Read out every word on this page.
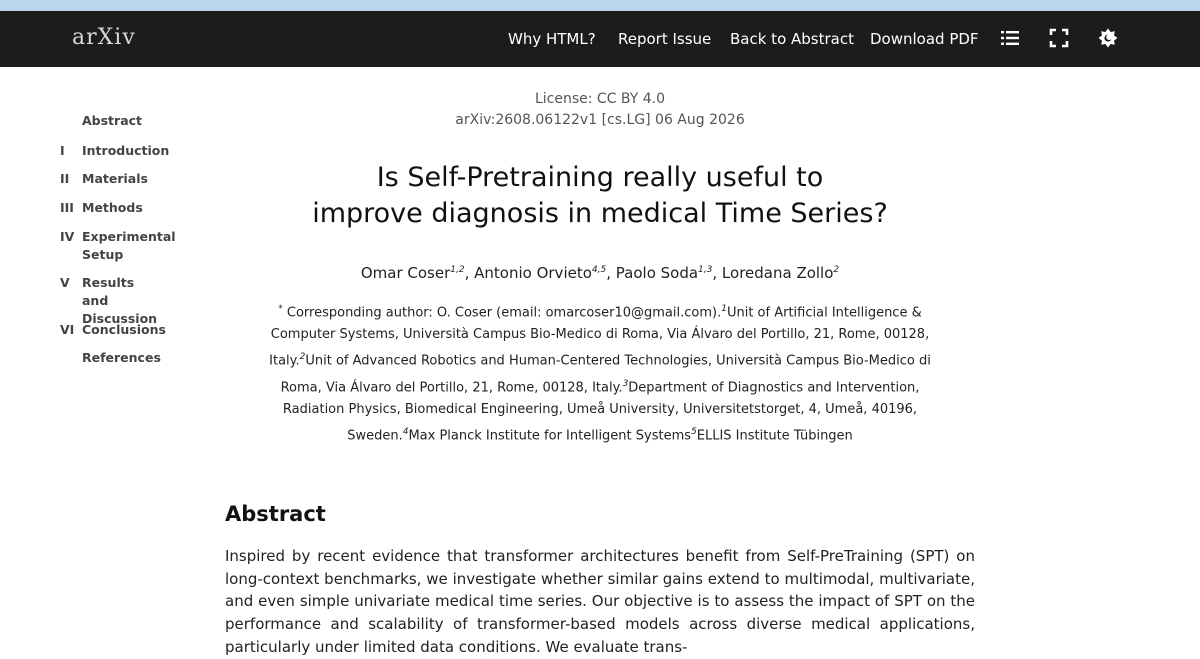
arXiv	Why HTML? Report Issue Back to Abstract Download PDF
Abstract
I	Introduction
II	Materials
III Methods
IV Experimental Setup
V Results and Discussion
VI Conclusions
References
License: CC BY 4.0
arXiv:2608.06122v1 [cs.LG] 06 Aug 2026
Is Self-Pretraining really useful to
improve diagnosis in medical Time Series?
Omar Coser$^{1,2}$, Antonio Orvieto$^{4,5}$, Paolo Soda$^{1,3}$, Loredana Zollo$^2$
* Corresponding author: O. Coser (email: omarcoser10@gmail.com).$^1$Unit of Artificial Intelligence & Computer Systems, Università Campus Bio-Medico di Roma, Via Álvaro del Portillo, 21, Rome, 00128, Italy.$^2$Unit of Advanced Robotics and Human-Centered Technologies, Università Campus Bio-Medico di Roma, Via Álvaro del Portillo, 21, Rome, 00128, Italy.$^3$Department of Diagnostics and Intervention, Radiation Physics, Biomedical Engineering, Umeå University, Universitetstorget, 4, Umeå, 40196, Sweden.$^4$Max Planck Institute for Intelligent Systems$^5$ELLIS Institute Tübingen
Abstract

Inspired by recent evidence that transformer architectures benefit from Self-PreTraining (SPT) on long-context benchmarks, we investigate whether similar gains extend to multimodal, multivariate, and even simple univariate medical time series. Our objective is to assess the impact of SPT on the performance and scalability of transformer-based models across diverse medical applications, particularly under limited data conditions. We evaluate trans-
